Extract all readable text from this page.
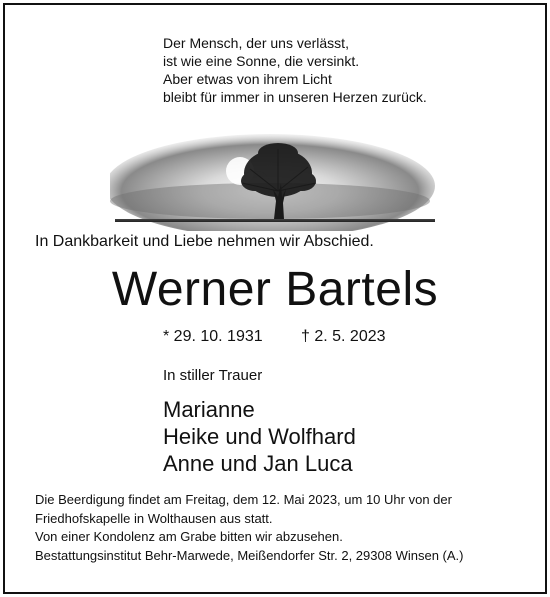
Der Mensch, der uns verlässt,
ist wie eine Sonne, die versinkt.
Aber etwas von ihrem Licht
bleibt für immer in unseren Herzen zurück.
In Dankbarkeit und Liebe nehmen wir Abschied.
Werner Bartels
* 29. 10. 1931 † 2. 5. 2023
In stiller Trauer
Marianne
Heike und Wolfhard
Anne und Jan Luca
Die Beerdigung findet am Freitag, dem 12. Mai 2023, um 10 Uhr von der
Friedhofskapelle in Wolthausen aus statt.
Von einer Kondolenz am Grabe bitten wir abzusehen.
Bestattungsinstitut Behr-Marwede, Meißendorfer Str. 2, 29308 Winsen (A.)
